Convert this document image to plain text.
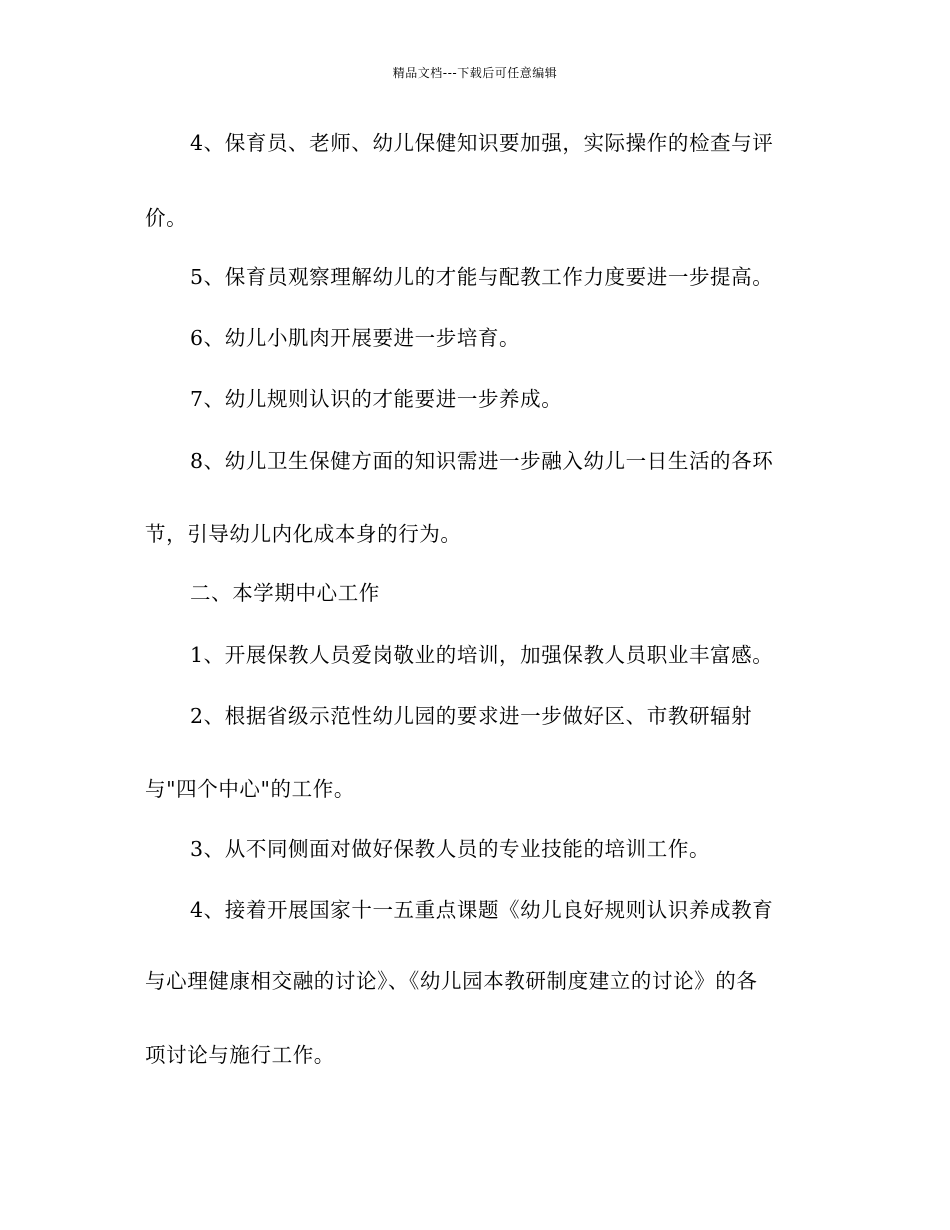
精品文档---下载后可任意编辑
4、保育员、老师、幼儿保健知识要加强，实际操作的检查与评
价。
5、保育员观察理解幼儿的才能与配教工作力度要进一步提高。
6、幼儿小肌肉开展要进一步培育。
7、幼儿规则认识的才能要进一步养成。
8、幼儿卫生保健方面的知识需进一步融入幼儿一日生活的各环
节，引导幼儿内化成本身的行为。
二、本学期中心工作
1、开展保教人员爱岗敬业的培训，加强保教人员职业丰富感。
2、根据省级示范性幼儿园的要求进一步做好区、市教研辐射
与"四个中心"的工作。
3、从不同侧面对做好保教人员的专业技能的培训工作。
4、接着开展国家十一五重点课题《幼儿良好规则认识养成教育
与心理健康相交融的讨论》、《幼儿园本教研制度建立的讨论》的各
项讨论与施行工作。
